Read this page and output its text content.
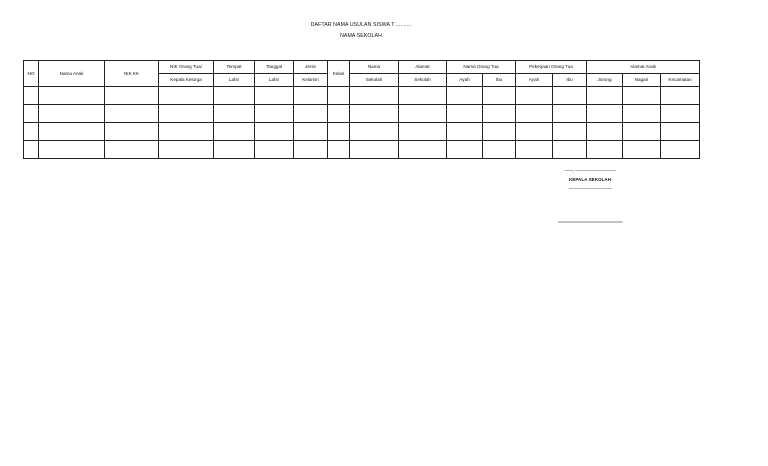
DAFTAR NAMA USULAN SISWA T ..........
NAMA SEKOLAH
NO	Nama Anak	NIK KK	NIK Orang Tua/	Tempat	Tanggal	Jenis	Kelas	Nama	Alamat	Nama Orang Tua		Pekerjaan Orang Tua		Alamat Anak		
			Kepala Kelurga	Lahir	Lahir	Kelamin		Sekolah	Sekolah	Ayah	Ibu	Ayah	Ibu	Jorong	Nagari	Kecamatan

-------, ---------------------------------
KEPALA SEKOLAH
-----------------------------------
===============================
